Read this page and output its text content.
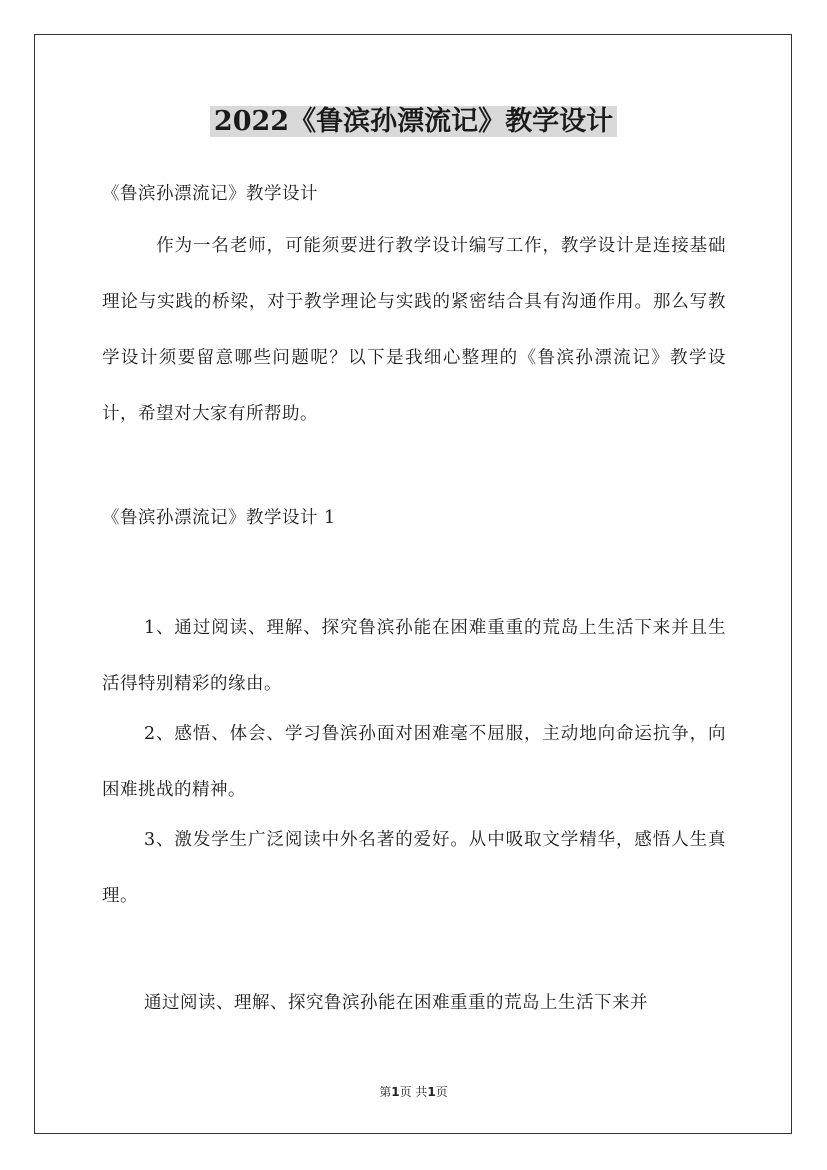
2022《鲁滨孙漂流记》教学设计

《鲁滨孙漂流记》教学设计

作为一名老师，可能须要进行教学设计编写工作，教学设计是连接基础理论与实践的桥梁，对于教学理论与实践的紧密结合具有沟通作用。那么写教学设计须要留意哪些问题呢？以下是我细心整理的《鲁滨孙漂流记》教学设计，希望对大家有所帮助。

《鲁滨孙漂流记》教学设计 1

1、通过阅读、理解、探究鲁滨孙能在困难重重的荒岛上生活下来并且生活得特别精彩的缘由。

2、感悟、体会、学习鲁滨孙面对困难毫不屈服，主动地向命运抗争，向困难挑战的精神。

3、激发学生广泛阅读中外名著的爱好。从中吸取文学精华，感悟人生真理。

通过阅读、理解、探究鲁滨孙能在困难重重的荒岛上生活下来并

第1页 共1页
